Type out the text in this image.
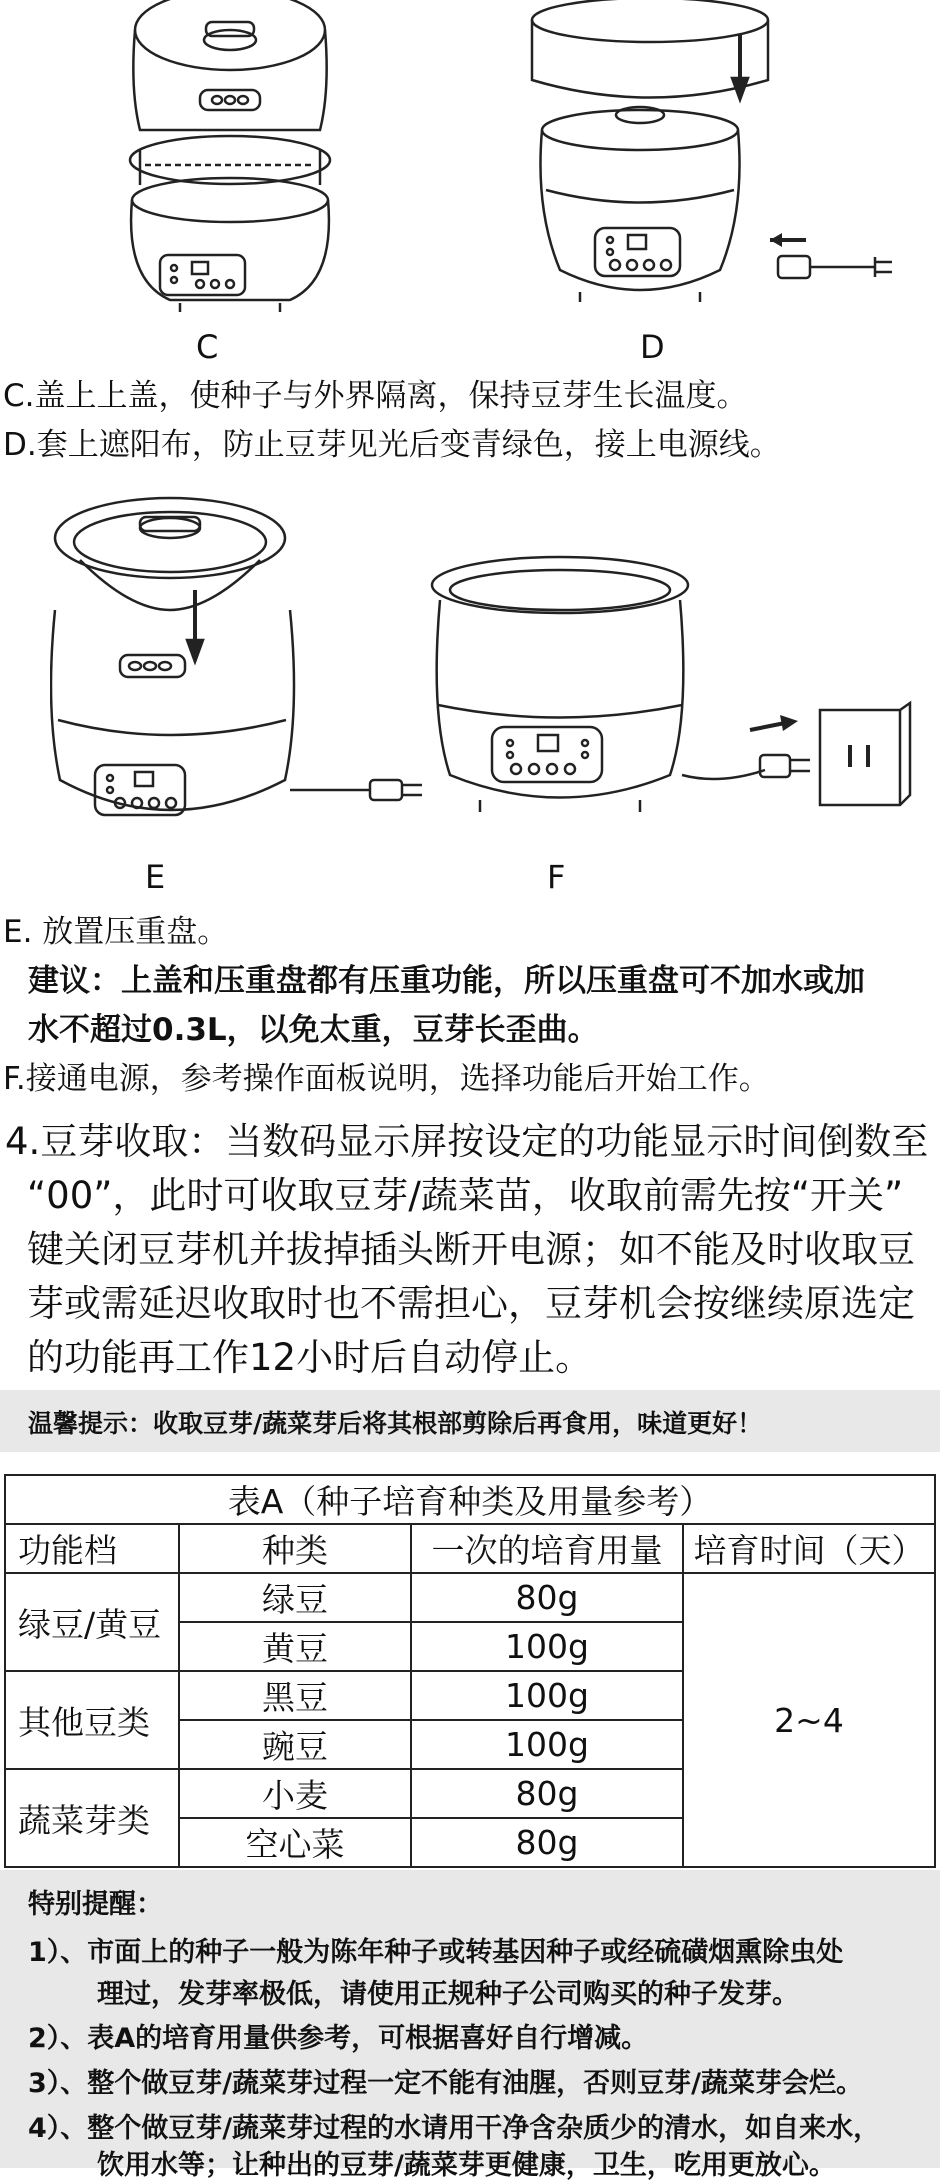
C	D
C.盖上上盖，使种子与外界隔离，保持豆芽生长温度。
D.套上遮阳布，防止豆芽见光后变青绿色，接上电源线。
E	F
E. 放置压重盘。
建议：上盖和压重盘都有压重功能，所以压重盘可不加水或加
水不超过0.3L，以免太重，豆芽长歪曲。
F.接通电源，参考操作面板说明，选择功能后开始工作。
4.豆芽收取：当数码显示屏按设定的功能显示时间倒数至
“00”，此时可收取豆芽/蔬菜苗，收取前需先按“开关”
键关闭豆芽机并拔掉插头断开电源；如不能及时收取豆
芽或需延迟收取时也不需担心，豆芽机会按继续原选定
的功能再工作12小时后自动停止。
温馨提示：收取豆芽/蔬菜芽后将其根部剪除后再食用，味道更好！
表A（种子培育种类及用量参考）			
功能档	种类	一次的培育用量	培育时间（天）
绿豆/黄豆	绿豆	80g	2~4
	黄豆	100g	
其他豆类	黑豆	100g	
	豌豆	100g	
蔬菜芽类	小麦	80g	
	空心菜	80g	
特别提醒：
1）、市面上的种子一般为陈年种子或转基因种子或经硫磺烟熏除虫处
理过，发芽率极低，请使用正规种子公司购买的种子发芽。
2）、表A的培育用量供参考，可根据喜好自行增减。
3）、整个做豆芽/蔬菜芽过程一定不能有油腥，否则豆芽/蔬菜芽会烂。
4）、整个做豆芽/蔬菜芽过程的水请用干净含杂质少的清水，如自来水，
饮用水等；让种出的豆芽/蔬菜芽更健康，卫生，吃用更放心。
